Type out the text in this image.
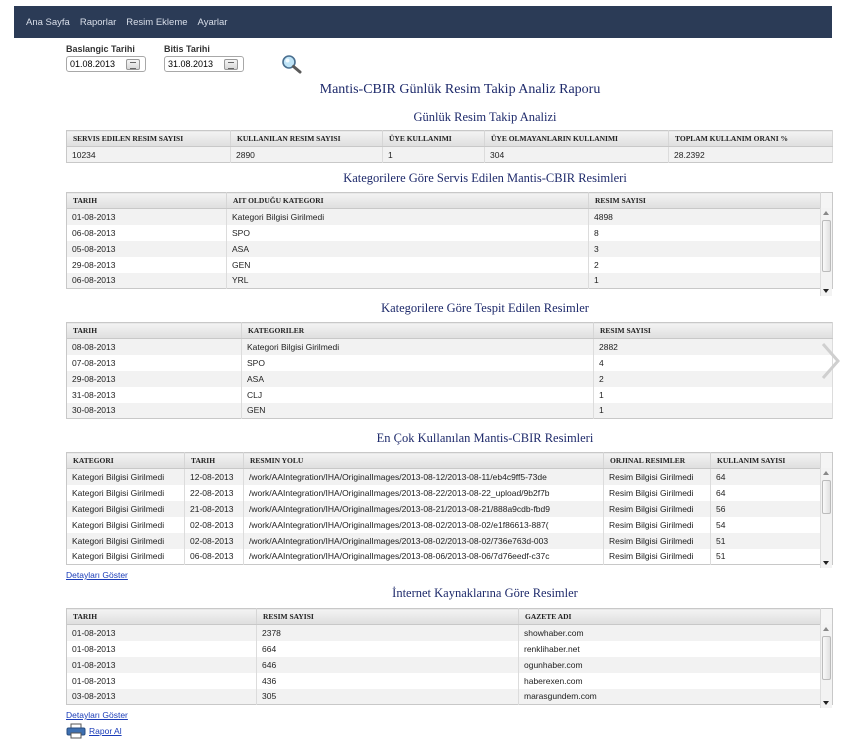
Ana Sayfa Raporlar Resim Ekleme Ayarlar
Baslangic Tarihi
01.08.2013	Bitis Tarihi
31.08.2013
Mantis-CBIR Günlük Resim Takip Analiz Raporu
Günlük Resim Takip Analizi
SERVIS EDILEN RESIM SAYISI	KULLANILAN RESIM SAYISI	ÜYE KULLANIMI	ÜYE OLMAYANLARIN KULLANIMI	TOPLAM KULLANIM ORANI %
10234	2890	1	304	28.2392
Kategorilere Göre Servis Edilen Mantis-CBIR Resimleri
TARIH	AIT OLDUĞU KATEGORI	RESIM SAYISI	
01-08-2013	Kategori Bilgisi Girilmedi	4898	
06-08-2013	SPO	8	
05-08-2013	ASA	3	
29-08-2013	GEN	2	
06-08-2013	YRL	1	
Kategorilere Göre Tespit Edilen Resimler
TARIH	KATEGORILER	RESIM SAYISI
08-08-2013	Kategori Bilgisi Girilmedi	2882
07-08-2013	SPO	4
29-08-2013	ASA	2
31-08-2013	CLJ	1
30-08-2013	GEN	1
En Çok Kullanılan Mantis-CBIR Resimleri
KATEGORI	TARIH	RESMIN YOLU	ORJINAL RESIMLER	KULLANIM SAYISI	
Kategori Bilgisi Girilmedi	12-08-2013	/work/AAIntegration/IHA/OriginalImages/2013-08-12/2013-08-11/eb4c9ff5-73de	Resim Bilgisi Girilmedi	64	
Kategori Bilgisi Girilmedi	22-08-2013	/work/AAIntegration/IHA/OriginalImages/2013-08-22/2013-08-22_upload/9b2f7b	Resim Bilgisi Girilmedi	64	
Kategori Bilgisi Girilmedi	21-08-2013	/work/AAIntegration/IHA/OriginalImages/2013-08-21/2013-08-21/888a9cdb-fbd9	Resim Bilgisi Girilmedi	56	
Kategori Bilgisi Girilmedi	02-08-2013	/work/AAIntegration/IHA/OriginalImages/2013-08-02/2013-08-02/e1f86613-887(	Resim Bilgisi Girilmedi	54	
Kategori Bilgisi Girilmedi	02-08-2013	/work/AAIntegration/IHA/OriginalImages/2013-08-02/2013-08-02/736e763d-003	Resim Bilgisi Girilmedi	51	
Kategori Bilgisi Girilmedi	06-08-2013	/work/AAIntegration/IHA/OriginalImages/2013-08-06/2013-08-06/7d76eedf-c37c	Resim Bilgisi Girilmedi	51	
Detayları Göster
İnternet Kaynaklarına Göre Resimler
TARIH	RESIM SAYISI	GAZETE ADI	
01-08-2013	2378	showhaber.com	
01-08-2013	664	renklihaber.net	
01-08-2013	646	ogunhaber.com	
01-08-2013	436	haberexen.com	
03-08-2013	305	marasgundem.com	
Detayları Göster
Rapor Al
